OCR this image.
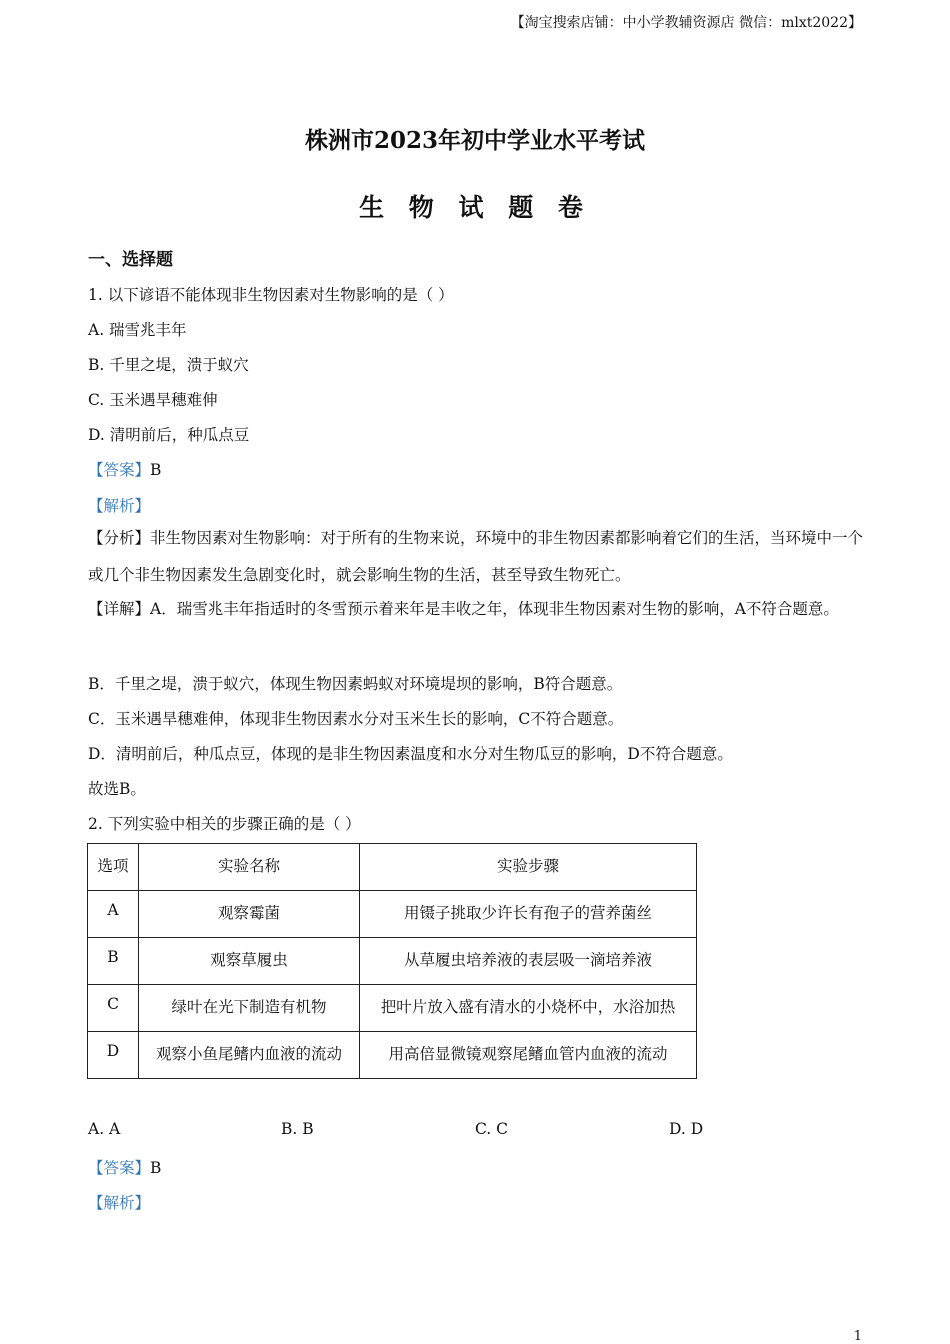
【淘宝搜索店铺：中小学教辅资源店 微信：mlxt2022】
株洲市2023年初中学业水平考试
生 物 试 题 卷
一、选择题
1. 以下谚语不能体现非生物因素对生物影响的是（ ）
A. 瑞雪兆丰年
B. 千里之堤，溃于蚁穴
C. 玉米遇旱穗难伸
D. 清明前后，种瓜点豆
【答案】B
【解析】
【分析】非生物因素对生物影响：对于所有的生物来说，环境中的非生物因素都影响着它们的生活，当环境中一个或几个非生物因素发生急剧变化时，就会影响生物的生活，甚至导致生物死亡。
【详解】A．瑞雪兆丰年指适时的冬雪预示着来年是丰收之年，体现非生物因素对生物的影响，A不符合题意。
B．千里之堤，溃于蚁穴，体现生物因素蚂蚁对环境堤坝的影响，B符合题意。
C．玉米遇旱穗难伸，体现非生物因素水分对玉米生长的影响，C不符合题意。
D．清明前后，种瓜点豆，体现的是非生物因素温度和水分对生物瓜豆的影响，D不符合题意。
故选B。
2. 下列实验中相关的步骤正确的是（ ）
选项	实验名称	实验步骤
A	观察霉菌	用镊子挑取少许长有孢子的营养菌丝
B	观察草履虫	从草履虫培养液的表层吸一滴培养液
C	绿叶在光下制造有机物	把叶片放入盛有清水的小烧杯中，水浴加热
D	观察小鱼尾鳍内血液的流动	用高倍显微镜观察尾鳍血管内血液的流动
A. A	B. B	C. C	D. D
【答案】B
【解析】
1
